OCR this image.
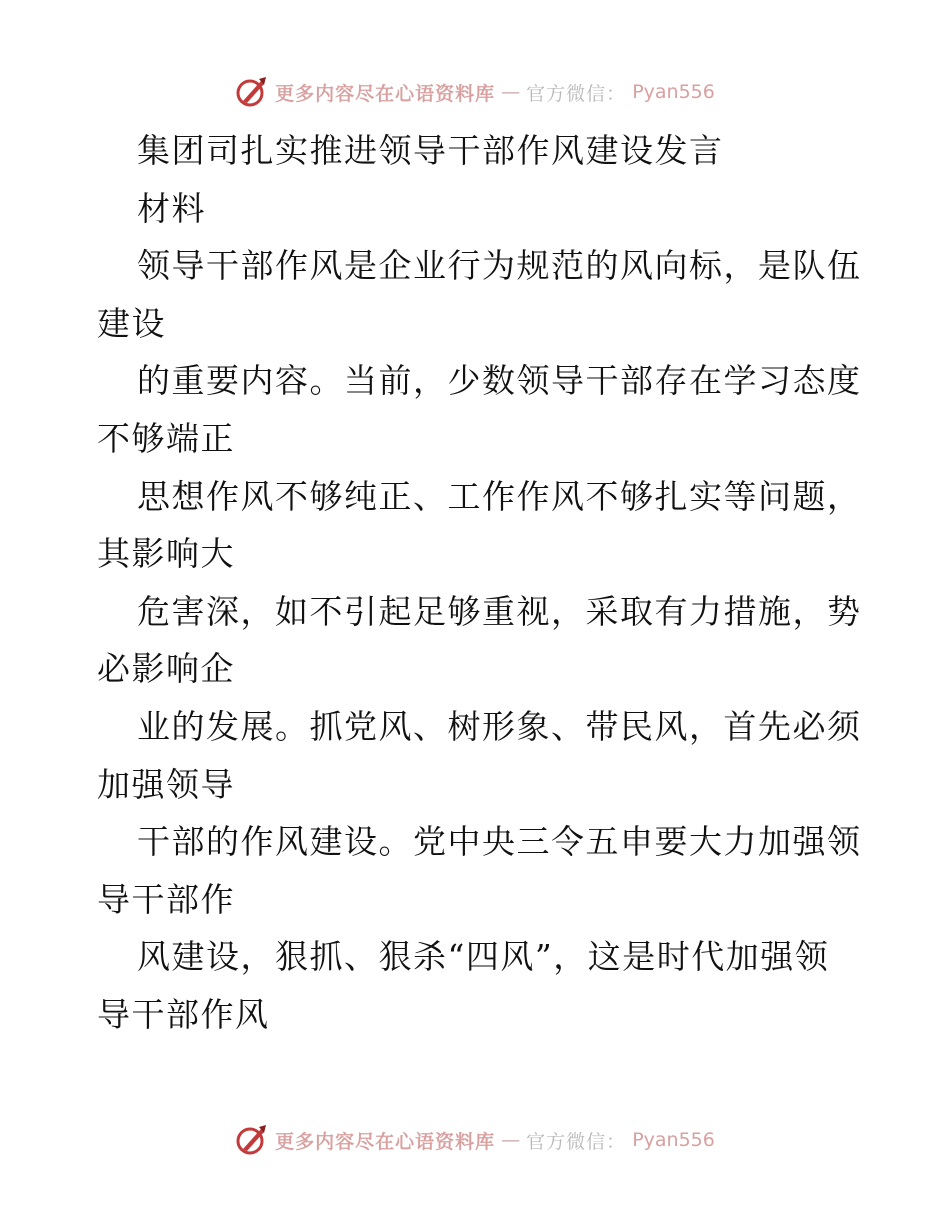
更多内容尽在心语资料库 — 官方微信： Pyan556
集团司扎实推进领导干部作风建设发言
材料
领导干部作风是企业行为规范的风向标，是队伍
建设
的重要内容。当前，少数领导干部存在学习态度
不够端正
思想作风不够纯正、工作作风不够扎实等问题，
其影响大
危害深，如不引起足够重视，采取有力措施，势
必影响企
业的发展。抓党风、树形象、带民风，首先必须
加强领导
干部的作风建设。党中央三令五申要大力加强领
导干部作
风建设，狠抓、狠杀“四风”，这是时代加强领
导干部作风
更多内容尽在心语资料库 — 官方微信： Pyan556
